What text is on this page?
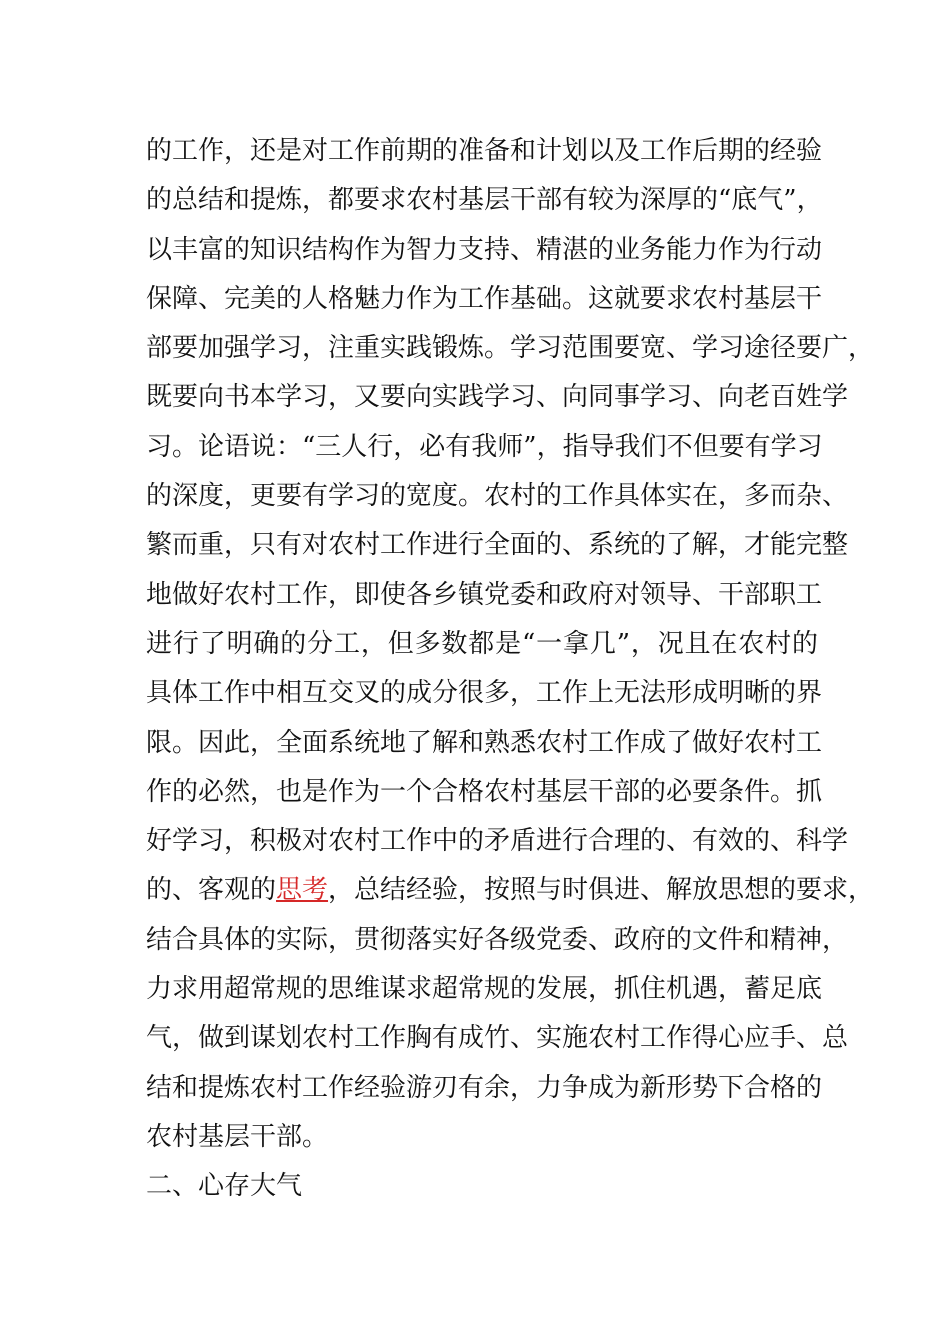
的工作，还是对工作前期的准备和计划以及工作后期的经验
的总结和提炼，都要求农村基层干部有较为深厚的“底气”，
以丰富的知识结构作为智力支持、精湛的业务能力作为行动
保障、完美的人格魅力作为工作基础。这就要求农村基层干
部要加强学习，注重实践锻炼。学习范围要宽、学习途径要广，
既要向书本学习，又要向实践学习、向同事学习、向老百姓学
习。论语说：“三人行，必有我师”，指导我们不但要有学习
的深度，更要有学习的宽度。农村的工作具体实在，多而杂、
繁而重，只有对农村工作进行全面的、系统的了解，才能完整
地做好农村工作，即使各乡镇党委和政府对领导、干部职工
进行了明确的分工，但多数都是“一拿几”，况且在农村的
具体工作中相互交叉的成分很多，工作上无法形成明晰的界
限。因此，全面系统地了解和熟悉农村工作成了做好农村工
作的必然，也是作为一个合格农村基层干部的必要条件。抓
好学习，积极对农村工作中的矛盾进行合理的、有效的、科学
的、客观的思考，总结经验，按照与时俱进、解放思想的要求，
结合具体的实际，贯彻落实好各级党委、政府的文件和精神，
力求用超常规的思维谋求超常规的发展，抓住机遇，蓄足底
气，做到谋划农村工作胸有成竹、实施农村工作得心应手、总
结和提炼农村工作经验游刃有余，力争成为新形势下合格的
农村基层干部。
二、心存大气
